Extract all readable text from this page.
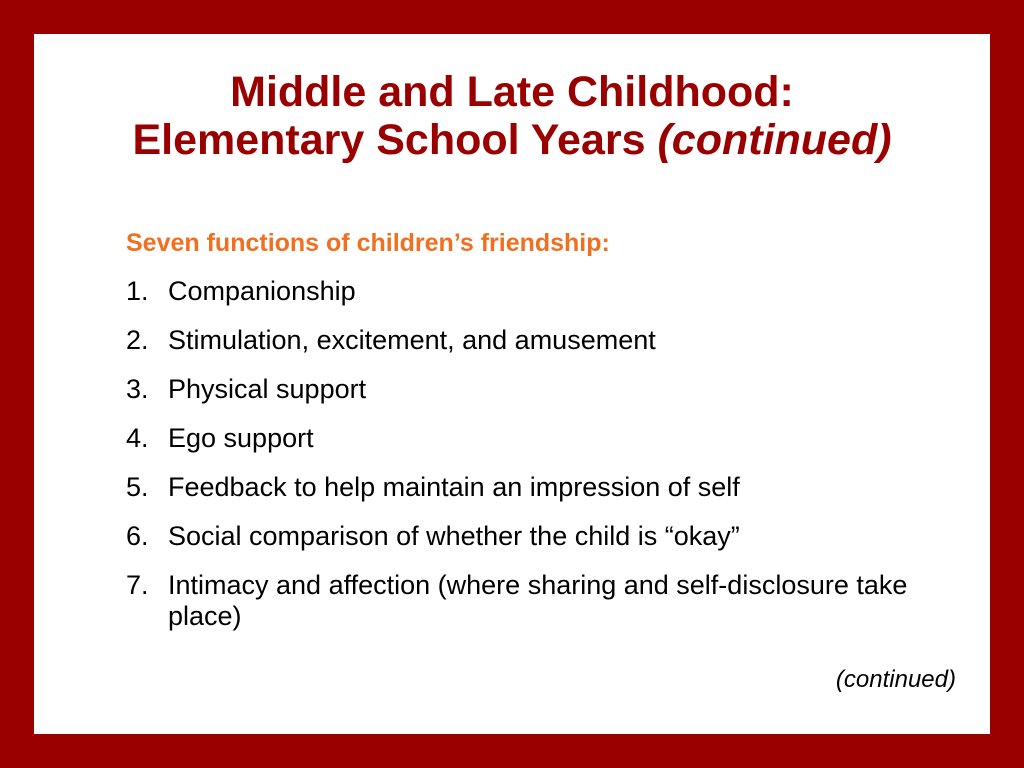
Middle and Late Childhood:
Elementary School Years (continued)
Seven functions of children’s friendship:
1. Companionship
2. Stimulation, excitement, and amusement
3. Physical support
4. Ego support
5. Feedback to help maintain an impression of self
6. Social comparison of whether the child is “okay”
7. Intimacy and affection (where sharing and self-disclosure take place)
(continued)
